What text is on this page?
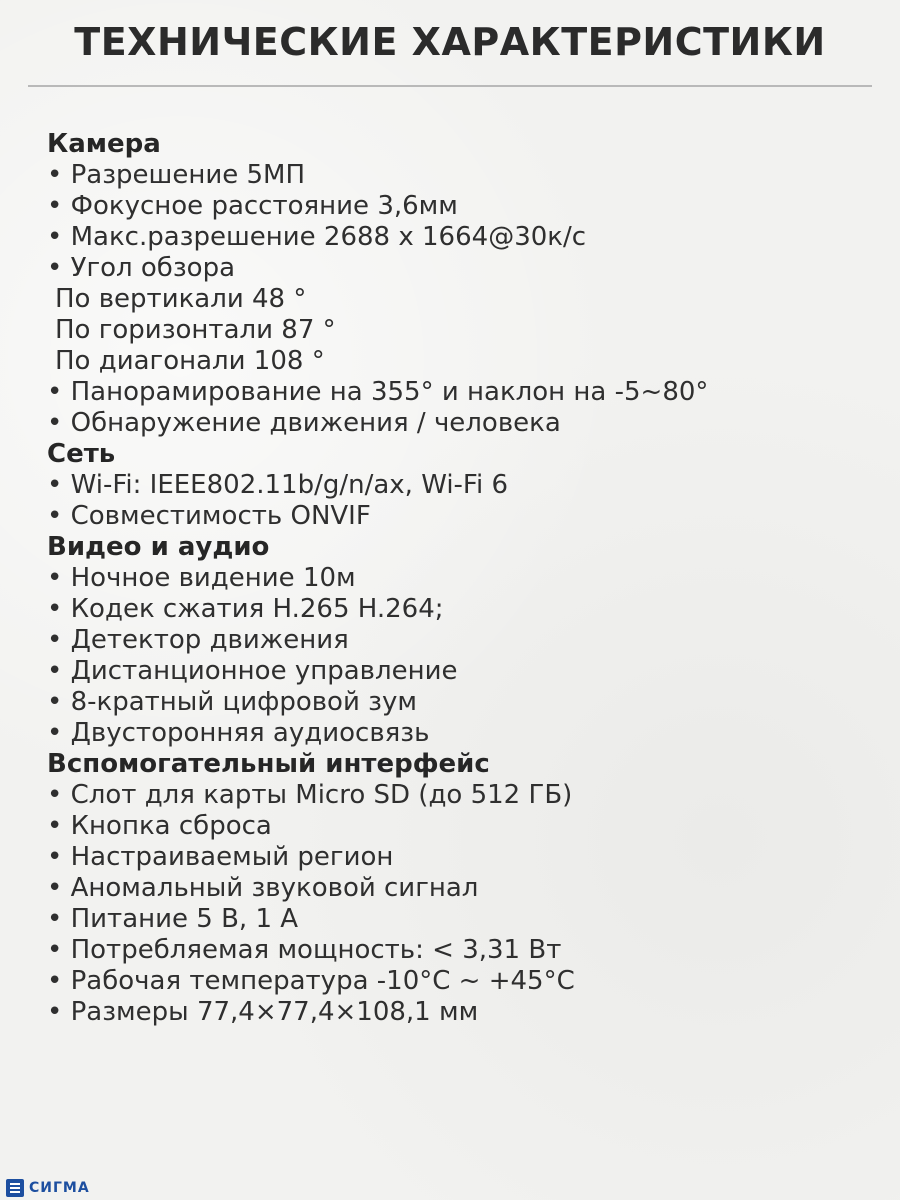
ТЕХНИЧЕСКИЕ ХАРАКТЕРИСТИКИ
Камера
• Разрешение 5МП
• Фокусное расстояние 3,6мм
• Макс.разрешение 2688 x 1664@30к/с
• Угол обзора
По вертикали 48 °
По горизонтали 87 °
По диагонали 108 °
• Панорамирование на 355° и наклон на -5~80°
• Обнаружение движения / человека
Сеть
• Wi-Fi: IEEE802.11b/g/n/ax, Wi-Fi 6
• Совместимость ONVIF
Видео и аудио
• Ночное видение 10м
• Кодек сжатия H.265 H.264;
• Детектор движения
• Дистанционное управление
• 8-кратный цифровой зум
• Двусторонняя аудиосвязь
Вспомогательный интерфейс
• Слот для карты Micro SD (до 512 ГБ)
• Кнопка сброса
• Настраиваемый регион
• Аномальный звуковой сигнал
• Питание 5 В, 1 А
• Потребляемая мощность: < 3,31 Вт
• Рабочая температура -10°C ~ +45°C
• Размеры 77,4×77,4×108,1 мм
СИГМА
